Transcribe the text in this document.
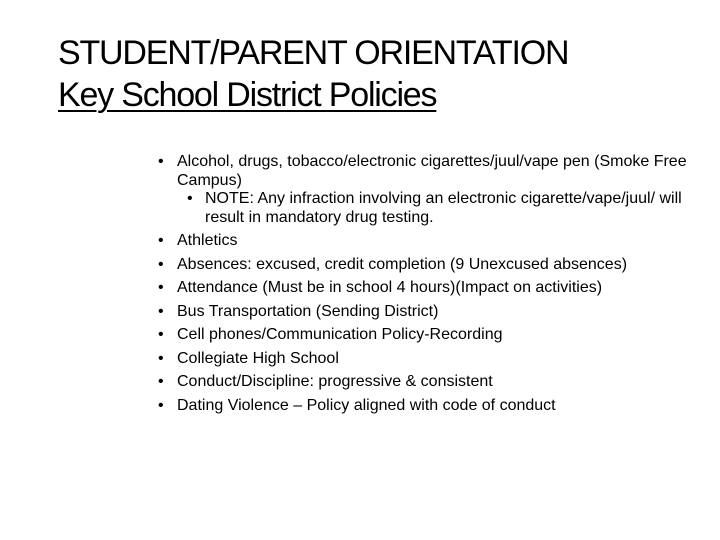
STUDENT/PARENT ORIENTATION
Key School District Policies
• Alcohol, drugs, tobacco/electronic cigarettes/juul/vape pen (Smoke Free Campus)
• NOTE: Any infraction involving an electronic cigarette/vape/juul/ will result in mandatory drug testing.
• Athletics
• Absences: excused, credit completion (9 Unexcused absences)
• Attendance (Must be in school 4 hours)(Impact on activities)
• Bus Transportation (Sending District)
• Cell phones/Communication Policy-Recording
• Collegiate High School
• Conduct/Discipline: progressive & consistent
• Dating Violence – Policy aligned with code of conduct
